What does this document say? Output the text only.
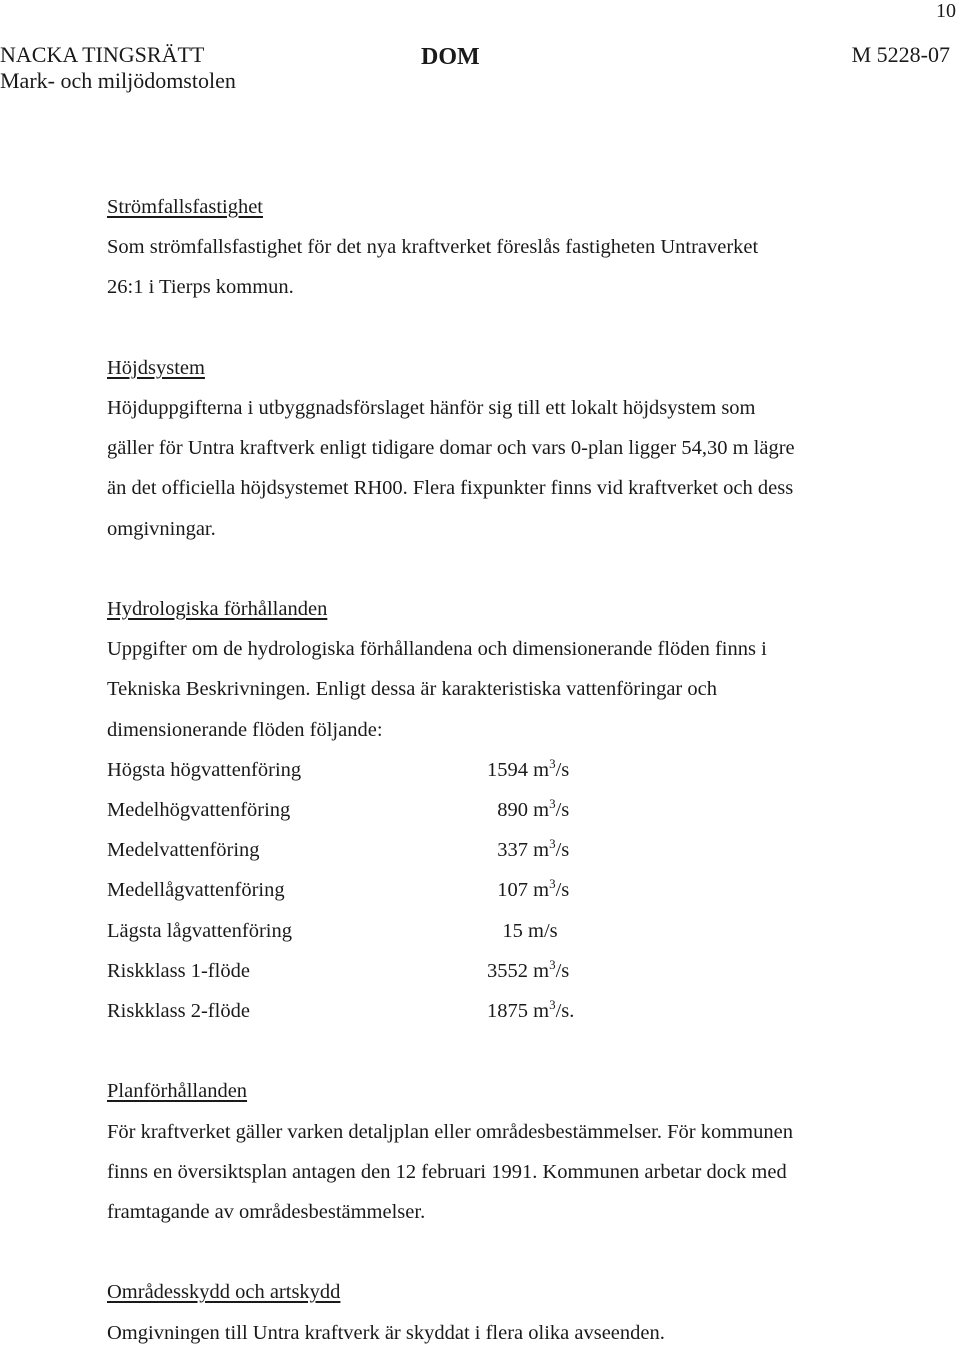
10
NACKA TINGSRÄTT
Mark- och miljödomstolen
DOM	M 5228-07
Strömfallsfastighet
Som strömfallsfastighet för det nya kraftverket föreslås fastigheten Untraverket
26:1 i Tierps kommun.
Höjdsystem
Höjduppgifterna i utbyggnadsförslaget hänför sig till ett lokalt höjdsystem som
gäller för Untra kraftverk enligt tidigare domar och vars 0-plan ligger 54,30 m lägre
än det officiella höjdsystemet RH00. Flera fixpunkter finns vid kraftverket och dess
omgivningar.
Hydrologiska förhållanden
Uppgifter om de hydrologiska förhållandena och dimensionerande flöden finns i
Tekniska Beskrivningen. Enligt dessa är karakteristiska vattenföringar och
dimensionerande flöden följande:
Högsta högvattenföring	1594 $m^3/s$
Medelhögvattenföring	890 $m^3/s$
Medelvattenföring	337 $m^3/s$
Medellågvattenföring	107 $m^3/s$
Lägsta lågvattenföring	15 m/s
Riskklass 1-flöde	3552 $m^3/s$
Riskklass 2-flöde	1875 $m^3/s$.
Planförhållanden
För kraftverket gäller varken detaljplan eller områdesbestämmelser. För kommunen
finns en översiktsplan antagen den 12 februari 1991. Kommunen arbetar dock med
framtagande av områdesbestämmelser.
Områdesskydd och artskydd
Omgivningen till Untra kraftverk är skyddat i flera olika avseenden.
